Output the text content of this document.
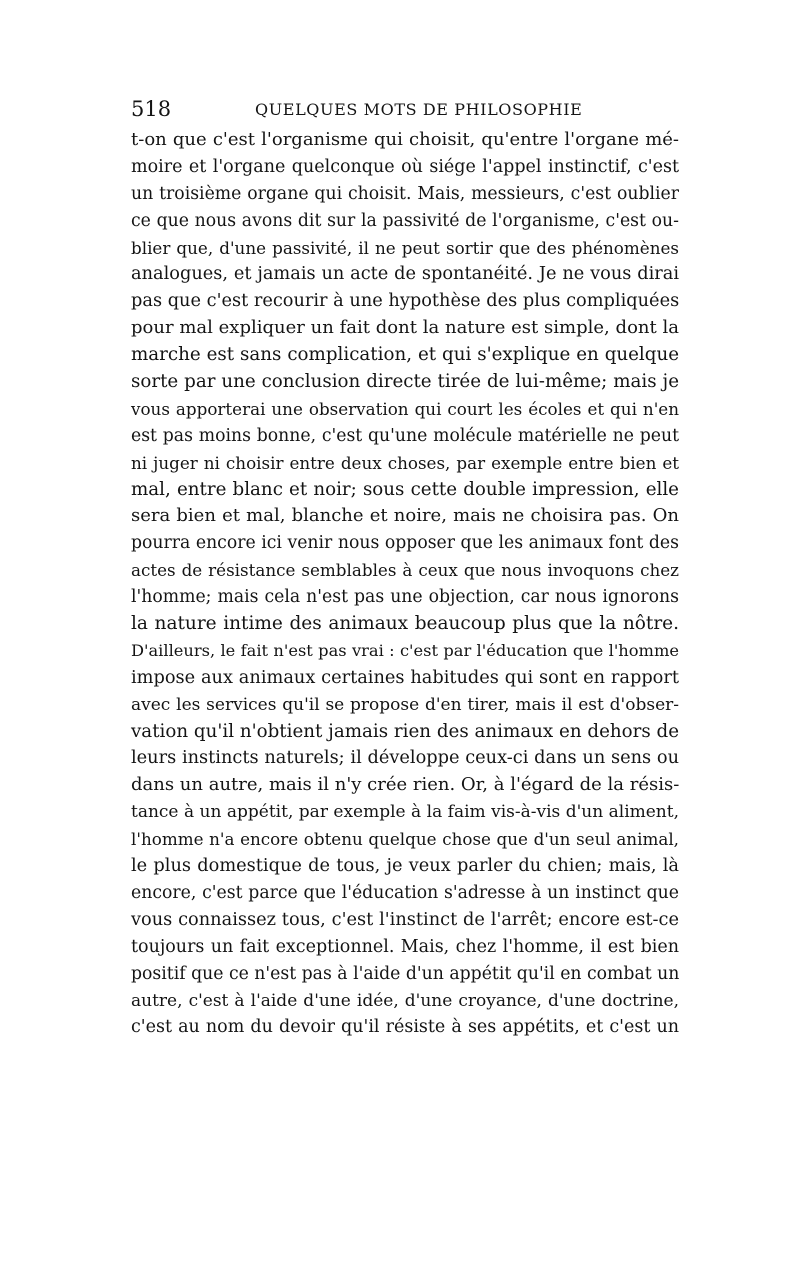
518	QUELQUES MOTS DE PHILOSOPHIE
t-on que c'est l'organisme qui choisit, qu'entre l'organe mé-
moire et l'organe quelconque où siége l'appel instinctif, c'est
un troisième organe qui choisit. Mais, messieurs, c'est oublier
ce que nous avons dit sur la passivité de l'organisme, c'est ou-
blier que, d'une passivité, il ne peut sortir que des phénomènes
analogues, et jamais un acte de spontanéité. Je ne vous dirai
pas que c'est recourir à une hypothèse des plus compliquées
pour mal expliquer un fait dont la nature est simple, dont la
marche est sans complication, et qui s'explique en quelque
sorte par une conclusion directe tirée de lui-même; mais je
vous apporterai une observation qui court les écoles et qui n'en
est pas moins bonne, c'est qu'une molécule matérielle ne peut
ni juger ni choisir entre deux choses, par exemple entre bien et
mal, entre blanc et noir; sous cette double impression, elle
sera bien et mal, blanche et noire, mais ne choisira pas. On
pourra encore ici venir nous opposer que les animaux font des
actes de résistance semblables à ceux que nous invoquons chez
l'homme; mais cela n'est pas une objection, car nous ignorons
la nature intime des animaux beaucoup plus que la nôtre.
D'ailleurs, le fait n'est pas vrai : c'est par l'éducation que l'homme
impose aux animaux certaines habitudes qui sont en rapport
avec les services qu'il se propose d'en tirer, mais il est d'obser-
vation qu'il n'obtient jamais rien des animaux en dehors de
leurs instincts naturels; il développe ceux-ci dans un sens ou
dans un autre, mais il n'y crée rien. Or, à l'égard de la résis-
tance à un appétit, par exemple à la faim vis-à-vis d'un aliment,
l'homme n'a encore obtenu quelque chose que d'un seul animal,
le plus domestique de tous, je veux parler du chien; mais, là
encore, c'est parce que l'éducation s'adresse à un instinct que
vous connaissez tous, c'est l'instinct de l'arrêt; encore est-ce
toujours un fait exceptionnel. Mais, chez l'homme, il est bien
positif que ce n'est pas à l'aide d'un appétit qu'il en combat un
autre, c'est à l'aide d'une idée, d'une croyance, d'une doctrine,
c'est au nom du devoir qu'il résiste à ses appétits, et c'est un
